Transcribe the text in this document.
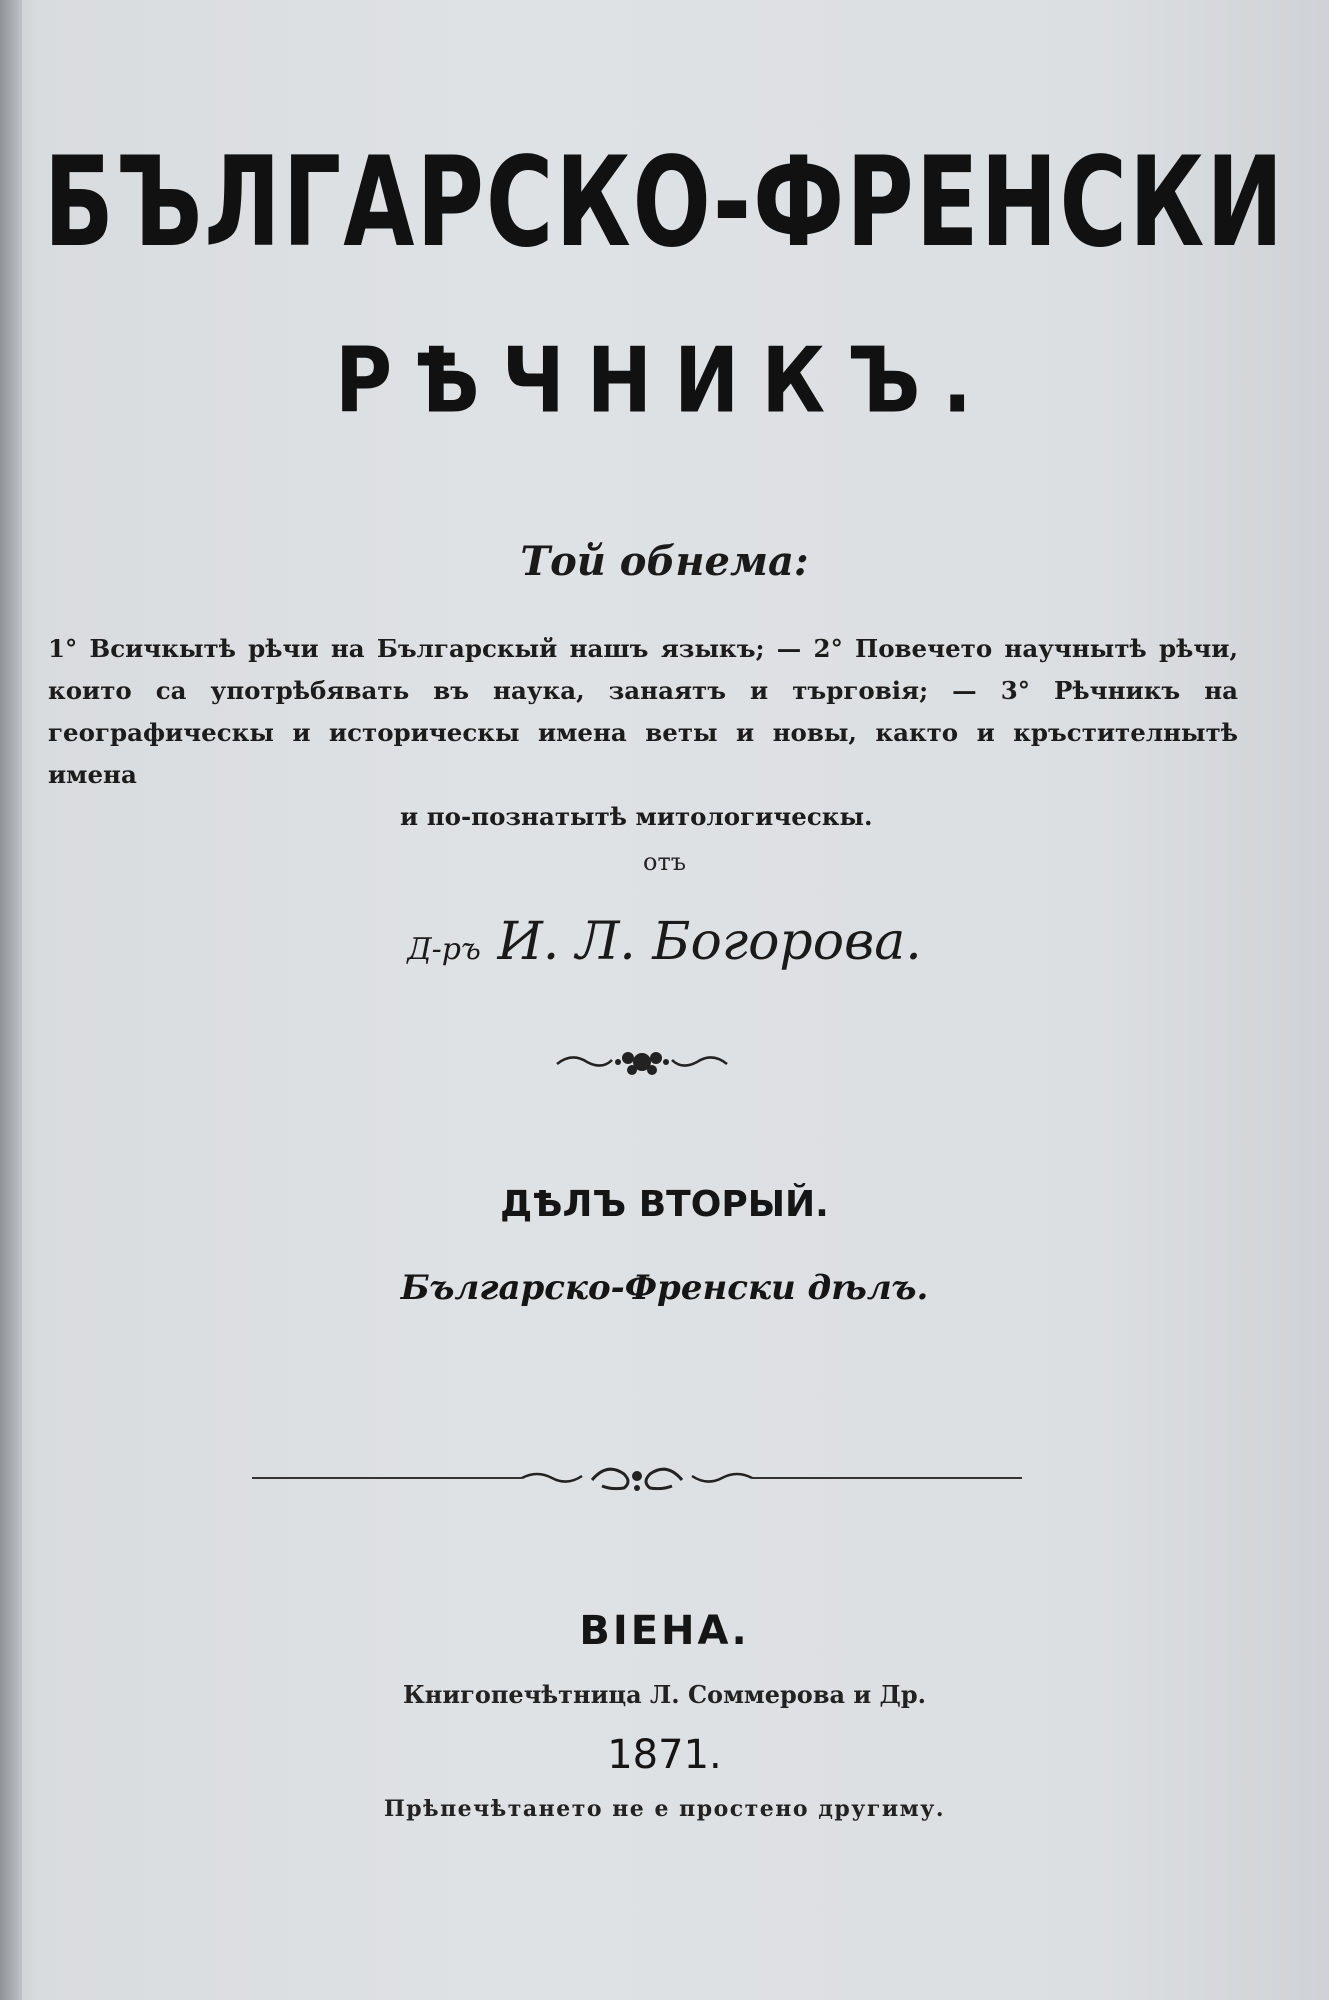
БЪЛГАРСКО-ФРЕНСКИ
РѢЧНИКЪ.
Той обнема:
1° Всичкытѣ рѣчи на Българскый нашъ языкъ; — 2° Повечето научнытѣ рѣчи,
които са употрѣбявать въ наука, занаятъ и търговія; — 3° Рѣчникъ на
географическы и историческы имена веты и новы, както и кръстителнытѣ имена
и по-познатытѣ митологическы.
отъ
Д-ръ И. Л. Богорова.
ДѢЛЪ ВТОРЫЙ.
Българско-Френски дѣлъ.
ВІЕНА.
Книгопечѣтница Л. Соммерова и Др.
1871.
Прѣпечѣтането не е простено другиму.
